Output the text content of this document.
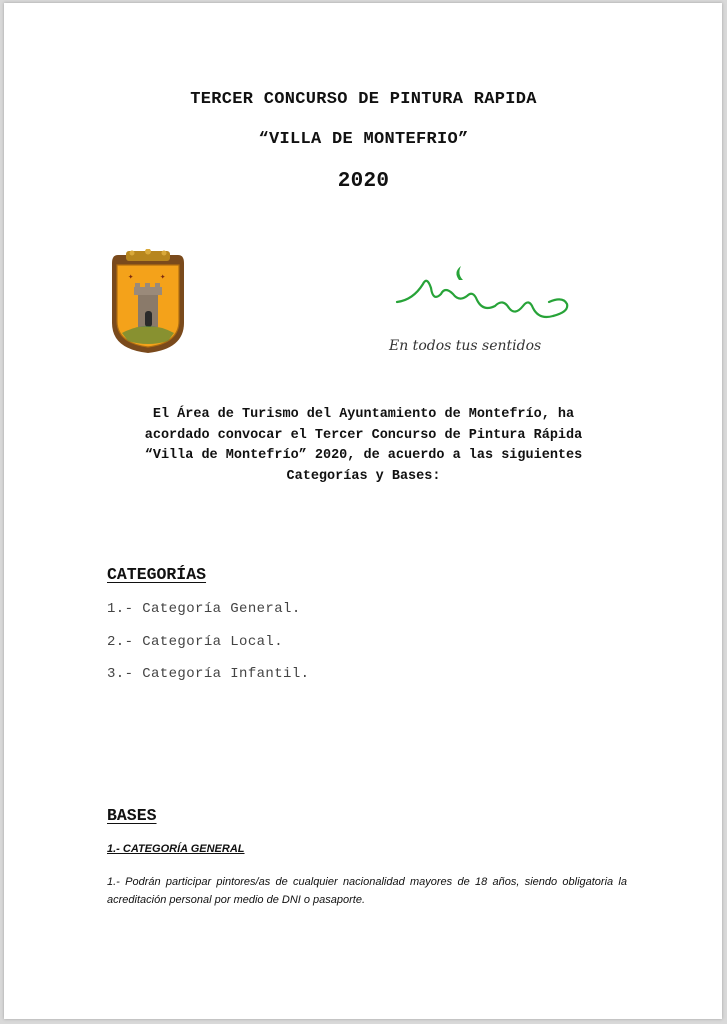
TERCER CONCURSO DE PINTURA RAPIDA
“VILLA DE MONTEFRIO”
2020
✦	✦
En todos tus sentidos
El Área de Turismo del Ayuntamiento de Montefrío, ha
acordado convocar el Tercer Concurso de Pintura Rápida
“Villa de Montefrío” 2020, de acuerdo a las siguientes
Categorías y Bases:
CATEGORÍAS
1.- Categoría General.
2.- Categoría Local.
3.- Categoría Infantil.
BASES
1.- CATEGORÍA GENERAL
1.- Podrán participar pintores/as de cualquier nacionalidad mayores de 18 años, siendo obligatoria la acreditación personal por medio de DNI o pasaporte.
